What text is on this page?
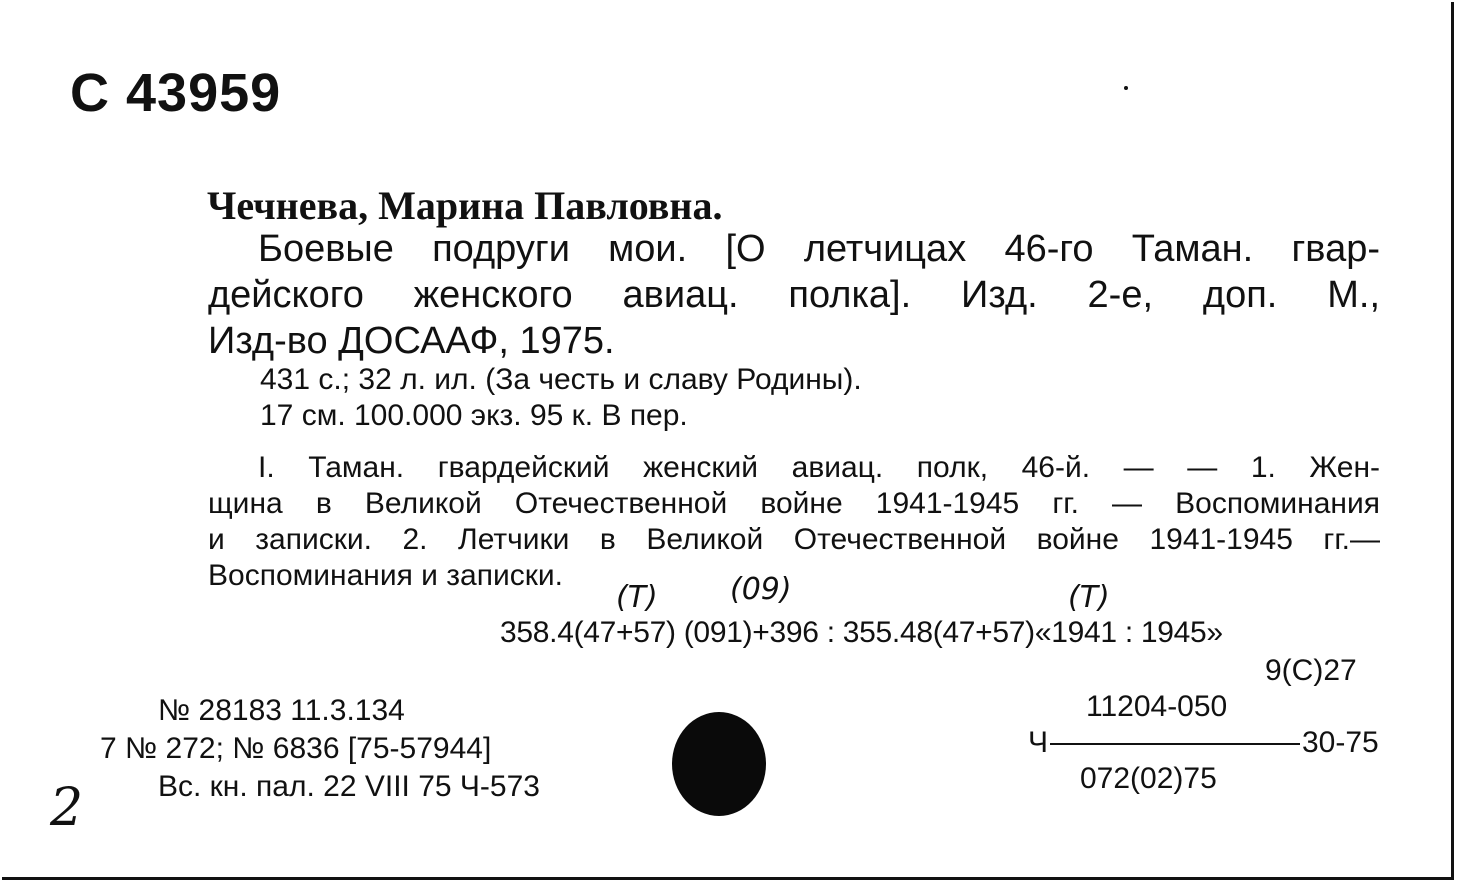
С 43959
Чечнева, Марина Павловна.
Боевые подруги мои. [О летчицах 46-го Таман. гвар-
дейского женского авиац. полка]. Изд. 2-е, доп. М.,
Изд-во ДОСААФ, 1975.
431 с.; 32 л. ил. (За честь и славу Родины).
17 см. 100.000 экз. 95 к. В пер.
I. Таман. гвардейский женский авиац. полк, 46-й. — — 1. Жен-
щина в Великой Отечественной войне 1941-1945 гг. — Воспоминания
и записки. 2. Летчики в Великой Отечественной войне 1941-1945 гг.—
Воспоминания и записки.
(T) (09)	(T)
358.4(47+57) (091)+396 : 355.48(47+57)«1941 : 1945»
9(С)27
№ 28183 11.3.134
7 № 272; № 6836 [75-57944]
Вс. кн. пал. 22 VIII 75 Ч-573
11204-050
Ч	30-75
072(02)75
2
